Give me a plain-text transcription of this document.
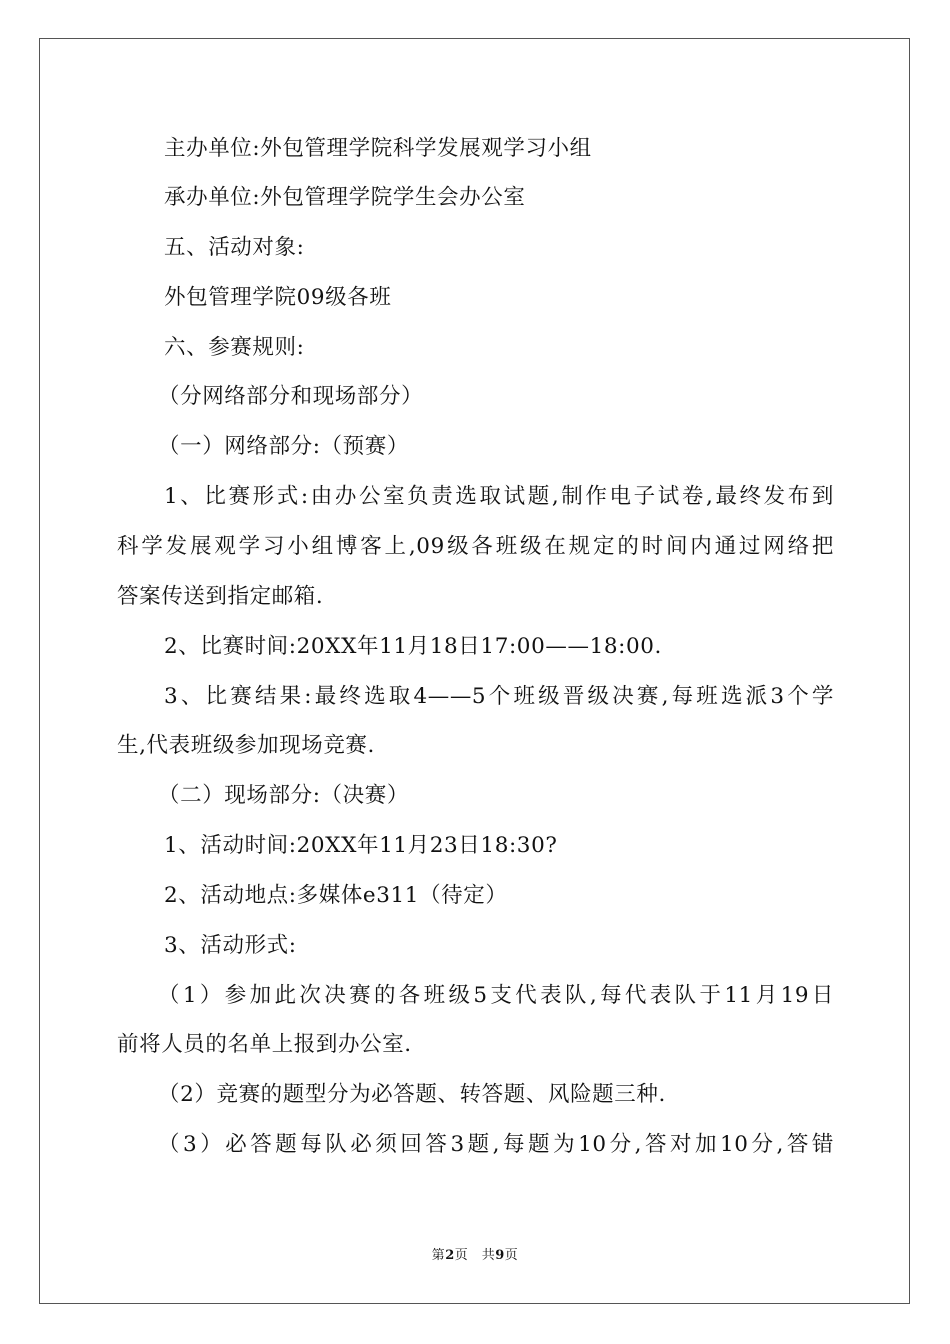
主办单位:外包管理学院科学发展观学习小组
承办单位:外包管理学院学生会办公室
五、活动对象:
外包管理学院09级各班
六、参赛规则:
（分网络部分和现场部分）
（一）网络部分:（预赛）
1、比赛形式:由办公室负责选取试题,制作电子试卷,最终发布到
科学发展观学习小组博客上,09级各班级在规定的时间内通过网络把
答案传送到指定邮箱.
2、比赛时间:20XX年11月18日17:00——18:00.
3、比赛结果:最终选取4——5个班级晋级决赛,每班选派3个学
生,代表班级参加现场竞赛.
（二）现场部分:（决赛）
1、活动时间:20XX年11月23日18:30?
2、活动地点:多媒体e311（待定）
3、活动形式:
（1）参加此次决赛的各班级5支代表队,每代表队于11月19日
前将人员的名单上报到办公室.
（2）竞赛的题型分为必答题、转答题、风险题三种.
（3）必答题每队必须回答3题,每题为10分,答对加10分,答错
第2页　共9页
